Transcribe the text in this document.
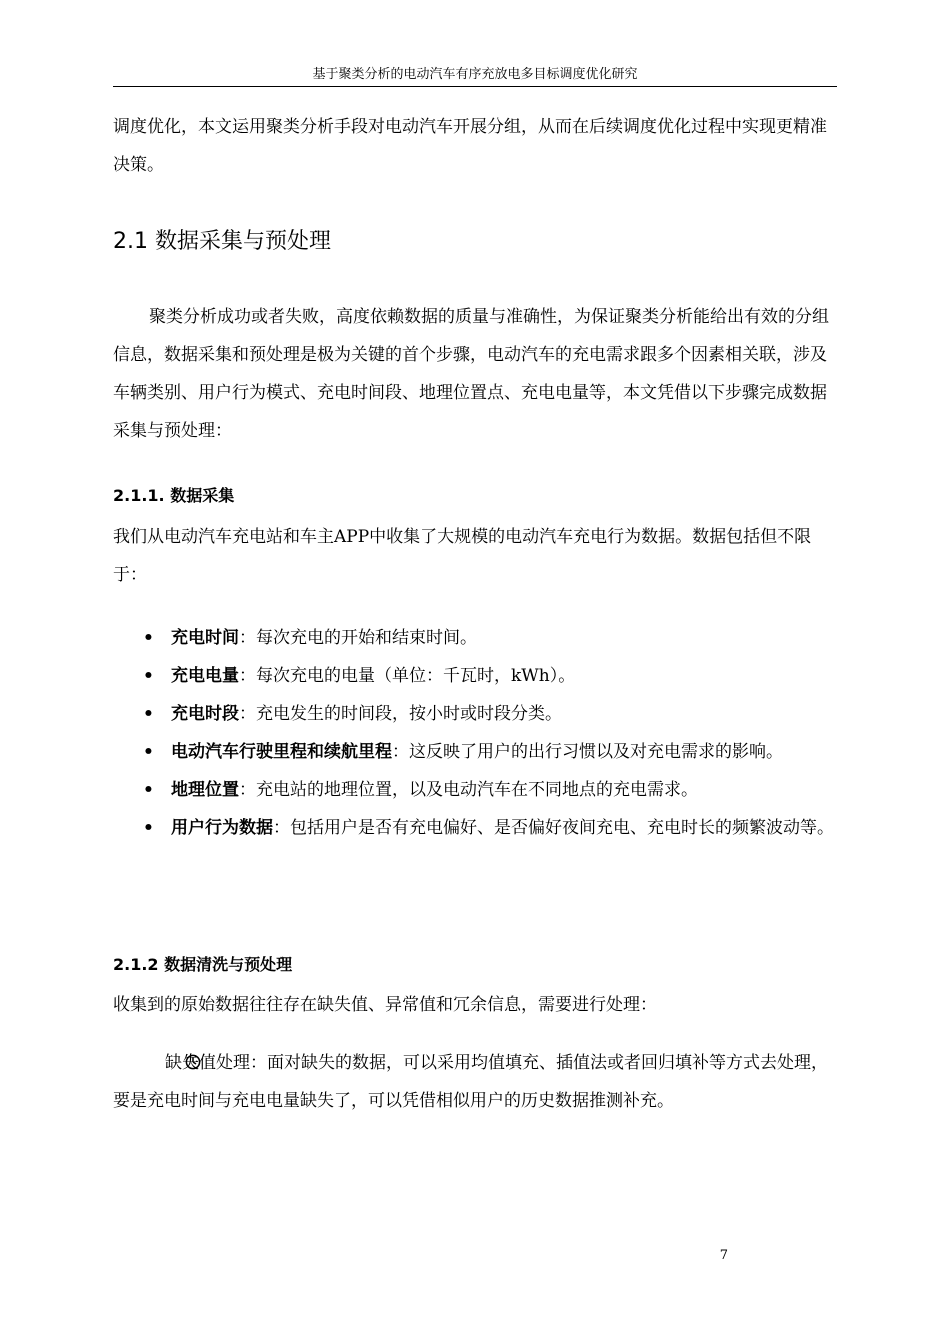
基于聚类分析的电动汽车有序充放电多目标调度优化研究

调度优化，本文运用聚类分析手段对电动汽车开展分组，从而在后续调度优化过程中实现更精准决策。

2.1 数据采集与预处理

聚类分析成功或者失败，高度依赖数据的质量与准确性，为保证聚类分析能给出有效的分组信息，数据采集和预处理是极为关键的首个步骤，电动汽车的充电需求跟多个因素相关联，涉及车辆类别、用户行为模式、充电时间段、地理位置点、充电电量等，本文凭借以下步骤完成数据采集与预处理：

2.1.1. 数据采集

我们从电动汽车充电站和车主APP中收集了大规模的电动汽车充电行为数据。数据包括但不限于：

• 充电时间：每次充电的开始和结束时间。
• 充电电量：每次充电的电量（单位：千瓦时，kWh）。
• 充电时段：充电发生的时间段，按小时或时段分类。
• 电动汽车行驶里程和续航里程：这反映了用户的出行习惯以及对充电需求的影响。
• 地理位置：充电站的地理位置，以及电动汽车在不同地点的充电需求。
• 用户行为数据：包括用户是否有充电偏好、是否偏好夜间充电、充电时长的频繁波动等。
2.1.2 数据清洗与预处理

收集到的原始数据往往存在缺失值、异常值和冗余信息，需要进行处理：

缺失值处理：面对缺失的数据，可以采用均值填充、插值法或者回归填补等方式去处理，要是充电时间与充电电量缺失了，可以凭借相似用户的历史数据推测补充。

7
